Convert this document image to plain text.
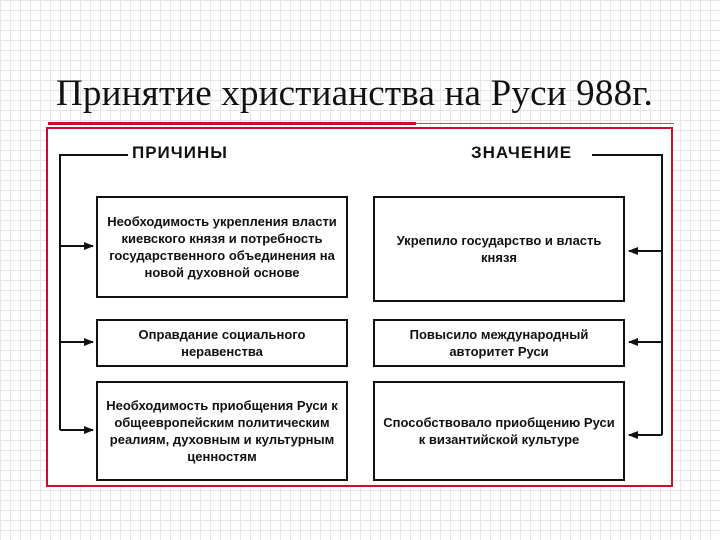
Принятие христианства на Руси 988г.
ПРИЧИНЫ	ЗНАЧЕНИЕ
Необходимость укрепления власти киевского князя и потребность государственного объединения на новой духовной основе
Оправдание социального неравенства
Необходимость приобщения Руси к общеевропейским политическим реалиям, духовным и культурным ценностям
Укрепило государство и власть князя
Повысило международный авторитет Руси
Способствовало приобщению Руси к византийской культуре
